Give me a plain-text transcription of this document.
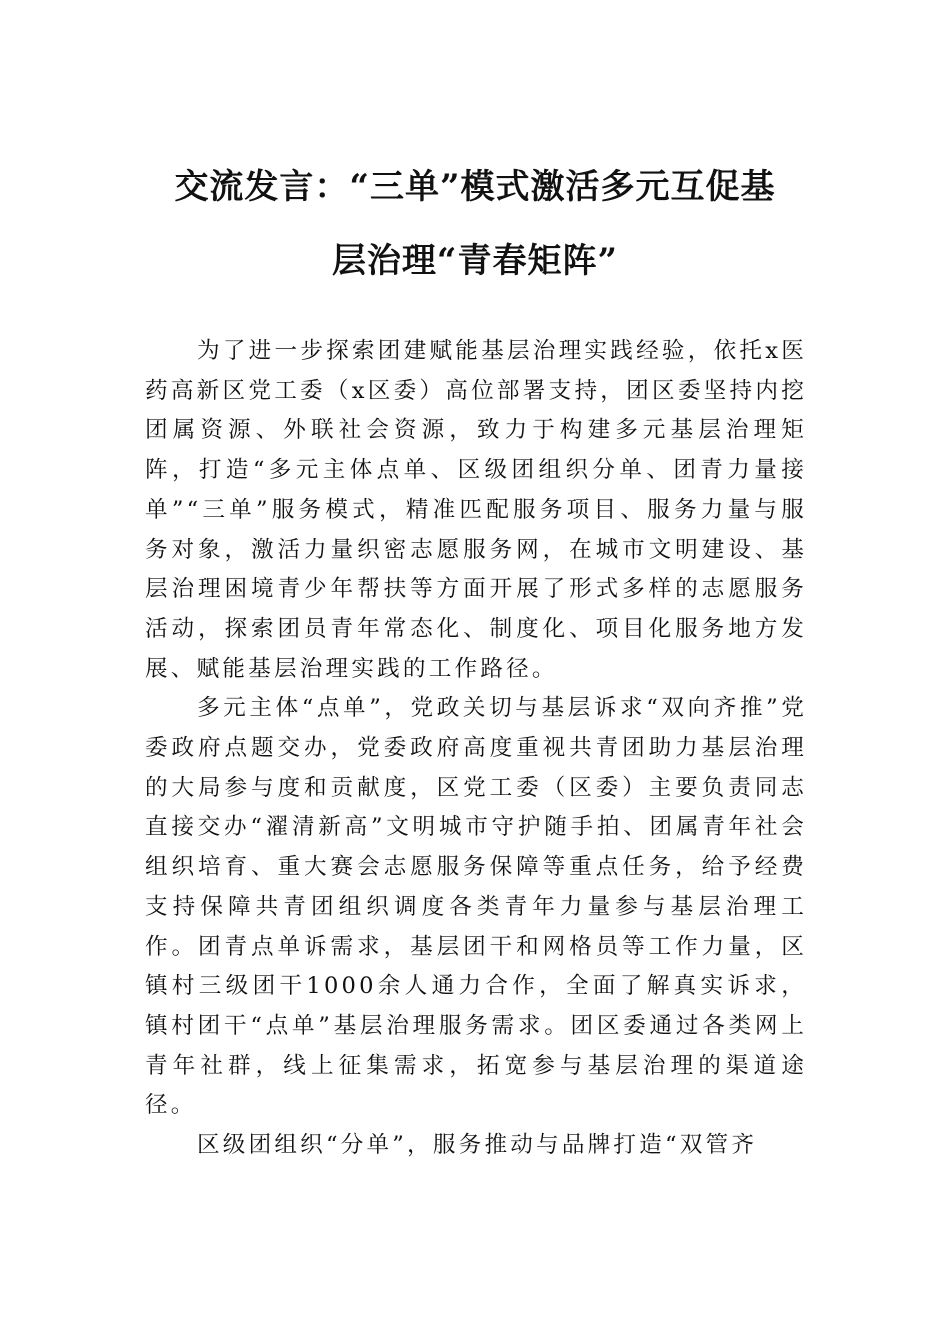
交流发言：“三单”模式激活多元互促基
层治理“青春矩阵”

为了进一步探索团建赋能基层治理实践经验，依托x医药高新区党工委（x区委）高位部署支持，团区委坚持内挖团属资源、外联社会资源，致力于构建多元基层治理矩阵，打造“多元主体点单、区级团组织分单、团青力量接单”“三单”服务模式，精准匹配服务项目、服务力量与服务对象，激活力量织密志愿服务网，在城市文明建设、基层治理困境青少年帮扶等方面开展了形式多样的志愿服务活动，探索团员青年常态化、制度化、项目化服务地方发展、赋能基层治理实践的工作路径。

多元主体“点单”，党政关切与基层诉求“双向齐推”党委政府点题交办，党委政府高度重视共青团助力基层治理的大局参与度和贡献度，区党工委（区委）主要负责同志直接交办“濯清新高”文明城市守护随手拍、团属青年社会组织培育、重大赛会志愿服务保障等重点任务，给予经费支持保障共青团组织调度各类青年力量参与基层治理工作。团青点单诉需求，基层团干和网格员等工作力量，区镇村三级团干1000余人通力合作，全面了解真实诉求，镇村团干“点单”基层治理服务需求。团区委通过各类网上青年社群，线上征集需求，拓宽参与基层治理的渠道途径。

区级团组织“分单”，服务推动与品牌打造“双管齐
